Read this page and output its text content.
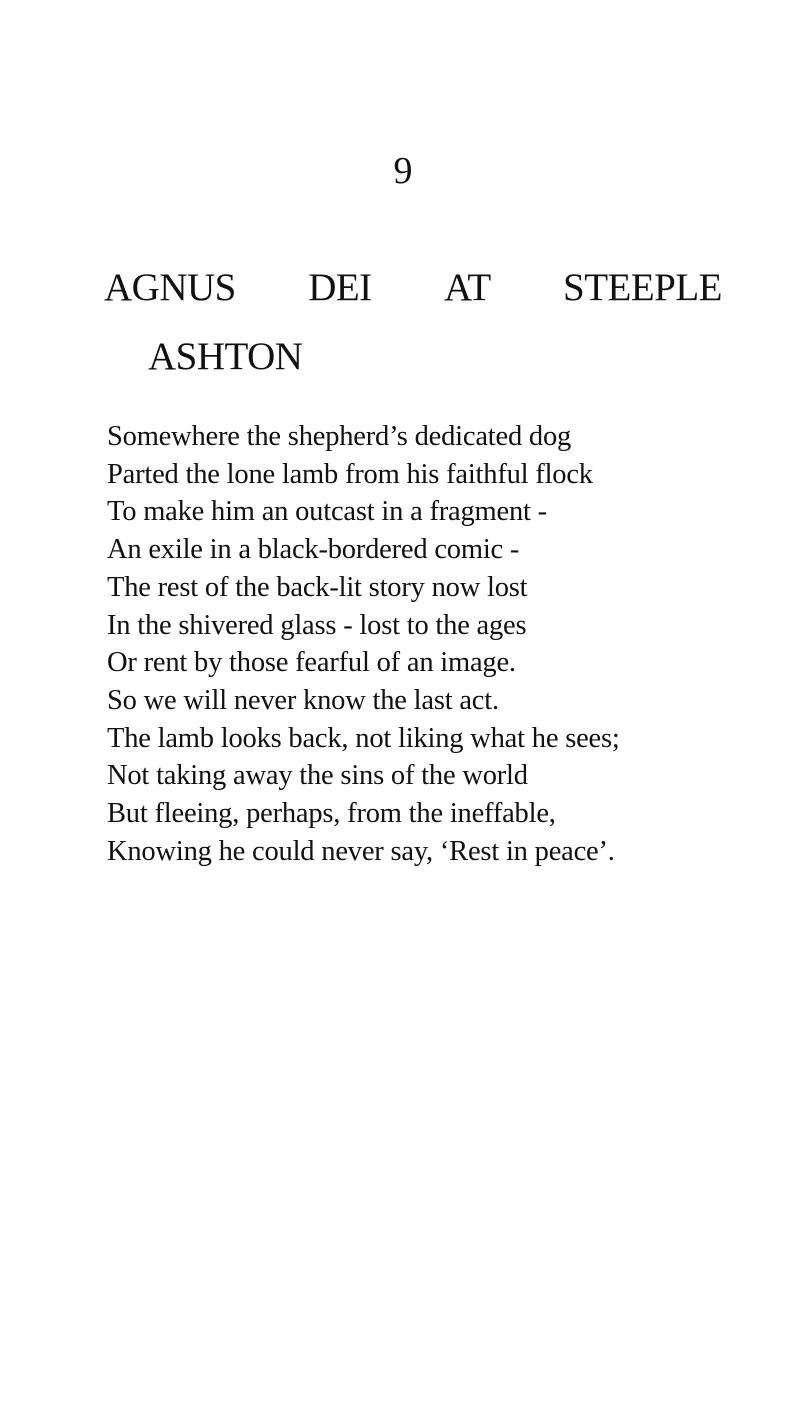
9
AGNUS DEI AT STEEPLE
ASHTON
Somewhere the shepherd’s dedicated dog
Parted the lone lamb from his faithful flock
To make him an outcast in a fragment -
An exile in a black-bordered comic -
The rest of the back-lit story now lost
In the shivered glass - lost to the ages
Or rent by those fearful of an image.
So we will never know the last act.
The lamb looks back, not liking what he sees;
Not taking away the sins of the world
But fleeing, perhaps, from the ineffable,
Knowing he could never say, ‘Rest in peace’.
